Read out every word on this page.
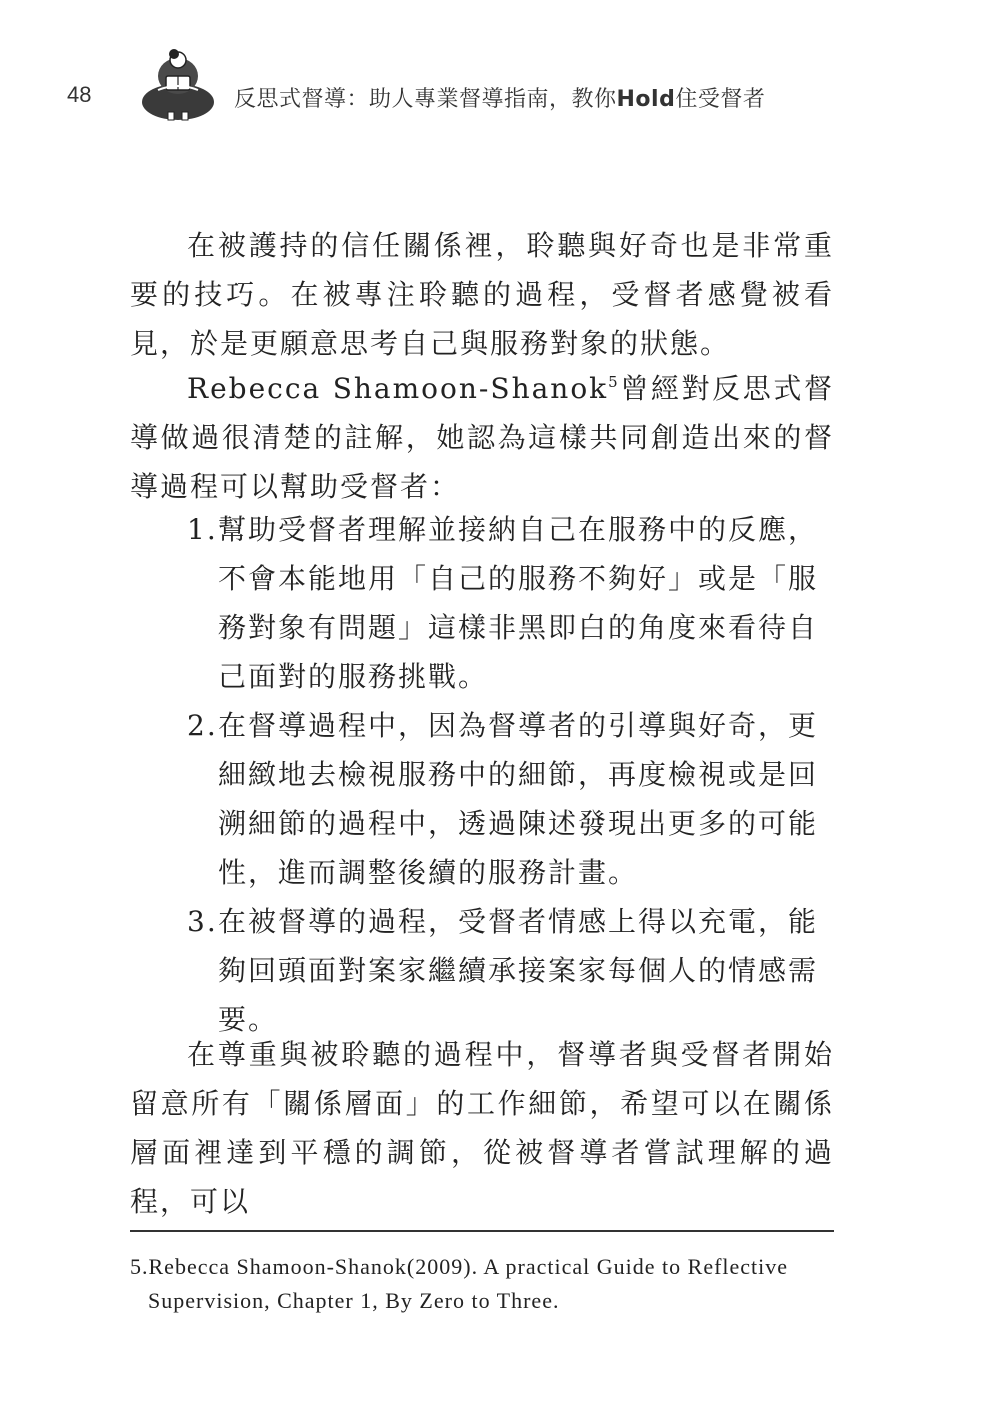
48	反思式督導：助人專業督導指南，教你Hold住受督者

在被護持的信任關係裡，聆聽與好奇也是非常重要的技巧。在被專注聆聽的過程，受督者感覺被看見，於是更願意思考自己與服務對象的狀態。

Rebecca Shamoon-Shanok$^5$曾經對反思式督導做過很清楚的註解，她認為這樣共同創造出來的督導過程可以幫助受督者：

1. 幫助受督者理解並接納自己在服務中的反應，不會本能地用「自己的服務不夠好」或是「服務對象有問題」這樣非黑即白的角度來看待自己面對的服務挑戰。
2. 在督導過程中，因為督導者的引導與好奇，更細緻地去檢視服務中的細節，再度檢視或是回溯細節的過程中，透過陳述發現出更多的可能性，進而調整後續的服務計畫。
3. 在被督導的過程，受督者情感上得以充電，能夠回頭面對案家繼續承接案家每個人的情感需要。

在尊重與被聆聽的過程中，督導者與受督者開始留意所有「關係層面」的工作細節，希望可以在關係層面裡達到平穩的調節，從被督導者嘗試理解的過程，可以

5.Rebecca Shamoon-Shanok(2009). A practical Guide to Reflective
Supervision, Chapter 1, By Zero to Three.
